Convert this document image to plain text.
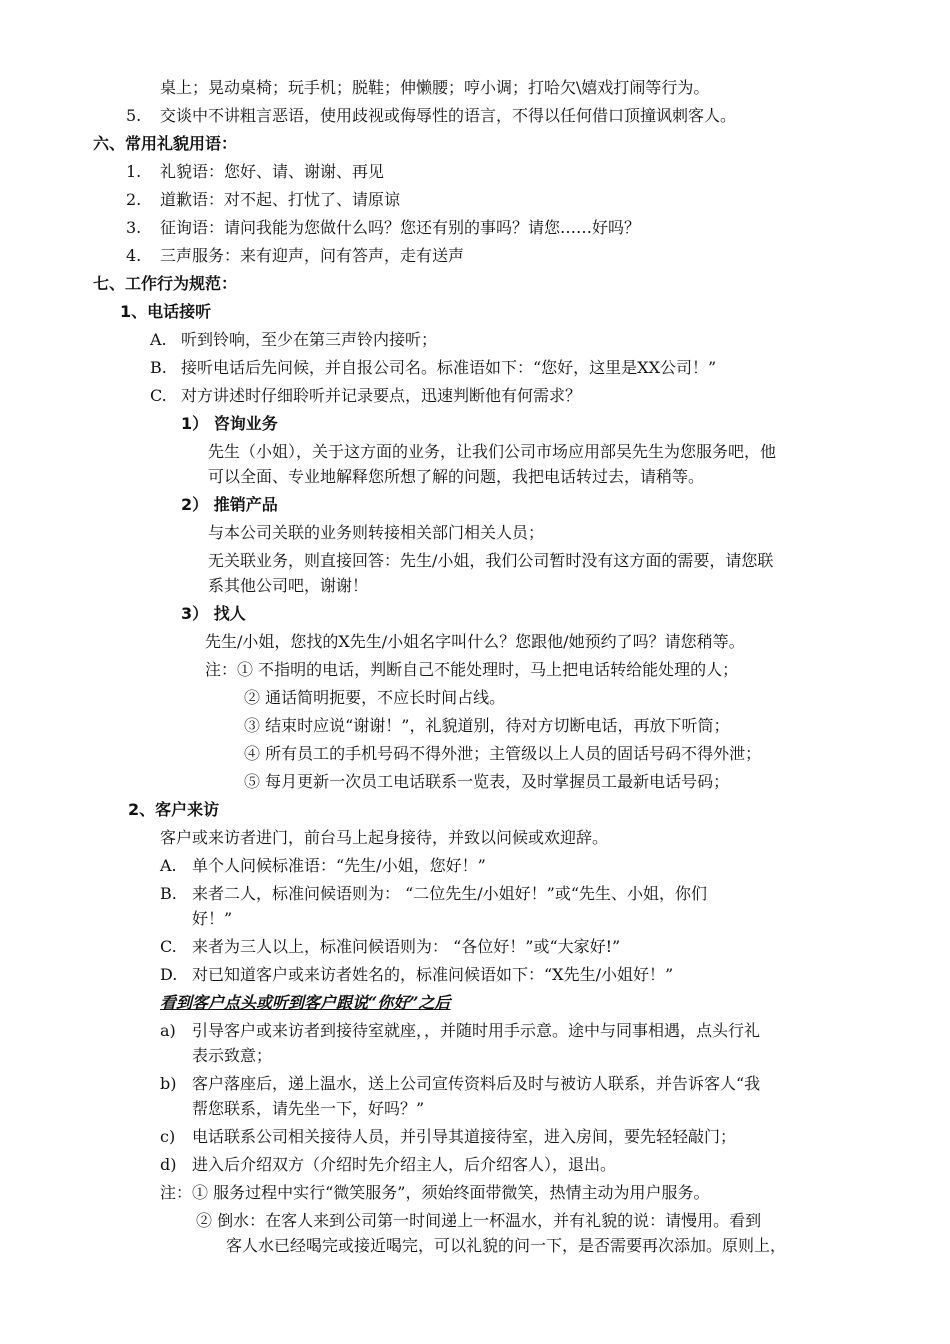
桌上；晃动桌椅；玩手机；脱鞋；伸懒腰；哼小调；打哈欠\嬉戏打闹等行为。
5. 交谈中不讲粗言恶语，使用歧视或侮辱性的语言，不得以任何借口顶撞讽刺客人。
六、常用礼貌用语：
1. 礼貌语：您好、请、谢谢、再见
2. 道歉语：对不起、打忧了、请原谅
3. 征询语：请问我能为您做什么吗？您还有别的事吗？请您……好吗？
4. 三声服务：来有迎声，问有答声，走有送声
七、工作行为规范：
1、电话接听
A. 听到铃响，至少在第三声铃内接听；
B. 接听电话后先问候，并自报公司名。标准语如下：“您好，这里是XX公司！”
C. 对方讲述时仔细聆听并记录要点，迅速判断他有何需求？
1） 咨询业务
先生（小姐），关于这方面的业务，让我们公司市场应用部吴先生为您服务吧，他
可以全面、专业地解释您所想了解的问题，我把电话转过去，请稍等。
2） 推销产品
与本公司关联的业务则转接相关部门相关人员；
无关联业务，则直接回答：先生/小姐，我们公司暂时没有这方面的需要，请您联
系其他公司吧，谢谢！
3） 找人
先生/小姐，您找的X先生/小姐名字叫什么？您跟他/她预约了吗？请您稍等。
注：① 不指明的电话，判断自己不能处理时，马上把电话转给能处理的人；
② 通话简明扼要，不应长时间占线。
③ 结束时应说“谢谢！”，礼貌道别，待对方切断电话，再放下听筒；
④ 所有员工的手机号码不得外泄；主管级以上人员的固话号码不得外泄；
⑤ 每月更新一次员工电话联系一览表，及时掌握员工最新电话号码；
2、客户来访
客户或来访者进门，前台马上起身接待，并致以问候或欢迎辞。
A. 单个人问候标准语：“先生/小姐，您好！”
B. 来者二人，标准问候语则为： “二位先生/小姐好！”或“先生、小姐，你们
好！”
C. 来者为三人以上，标准问候语则为： “各位好！”或“大家好!”
D. 对已知道客户或来访者姓名的，标准问候语如下：“X先生/小姐好！”
看到客户点头或听到客户跟说“你好”之后
a) 引导客户或来访者到接待室就座，，并随时用手示意。途中与同事相遇，点头行礼
表示致意；
b) 客户落座后，递上温水，送上公司宣传资料后及时与被访人联系，并告诉客人“我
帮您联系，请先坐一下，好吗？”
c) 电话联系公司相关接待人员，并引导其道接待室，进入房间，要先轻轻敲门；
d) 进入后介绍双方（介绍时先介绍主人，后介绍客人），退出。
注：① 服务过程中实行“微笑服务”，须始终面带微笑，热情主动为用户服务。
② 倒水：在客人来到公司第一时间递上一杯温水，并有礼貌的说：请慢用。看到
客人水已经喝完或接近喝完，可以礼貌的问一下，是否需要再次添加。原则上，
